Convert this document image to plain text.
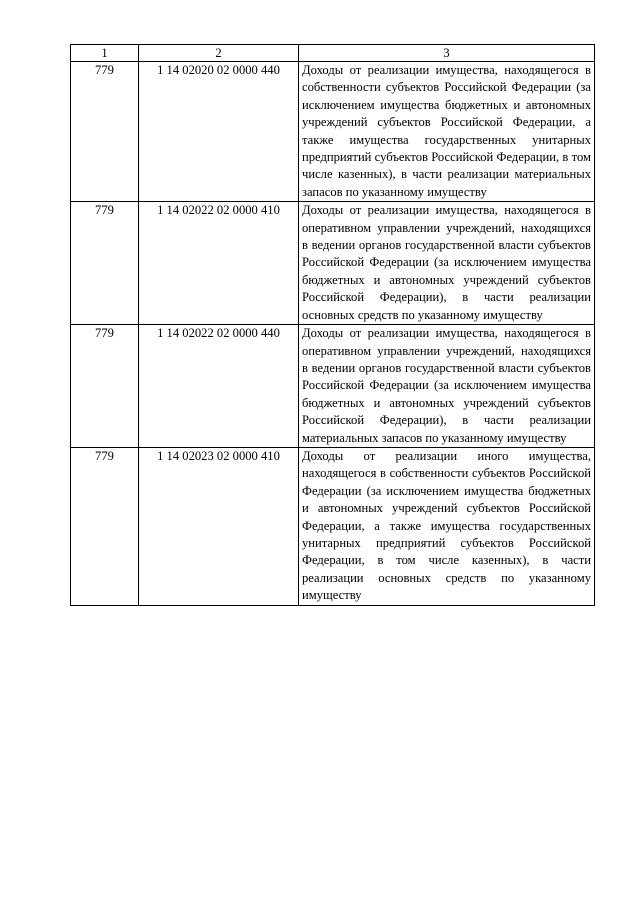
1	2	3
779	1 14 02020 02 0000 440	Доходы от реализации имущества, находящегося в собственности субъектов Российской Федерации (за исключением имущества бюджетных и автономных учреждений субъектов Российской Федерации, а также имущества государственных унитарных предприятий субъектов Российской Федерации, в том числе казенных), в части реализации материальных запасов по указанному имуществу
779	1 14 02022 02 0000 410	Доходы от реализации имущества, находящегося в оперативном управлении учреждений, находящихся в ведении органов государственной власти субъектов Российской Федерации (за исключением имущества бюджетных и автономных учреждений субъектов Российской Федерации), в части реализации основных средств по указанному имуществу
779	1 14 02022 02 0000 440	Доходы от реализации имущества, находящегося в оперативном управлении учреждений, находящихся в ведении органов государственной власти субъектов Российской Федерации (за исключением имущества бюджетных и автономных учреждений субъектов Российской Федерации), в части реализации материальных запасов по указанному имуществу
779	1 14 02023 02 0000 410	Доходы от реализации иного имущества, находящегося в собственности субъектов Российской Федерации (за исключением имущества бюджетных и автономных учреждений субъектов Российской Федерации, а также имущества государственных унитарных предприятий субъектов Российской Федерации, в том числе казенных), в части реализации основных средств по указанному имуществу
